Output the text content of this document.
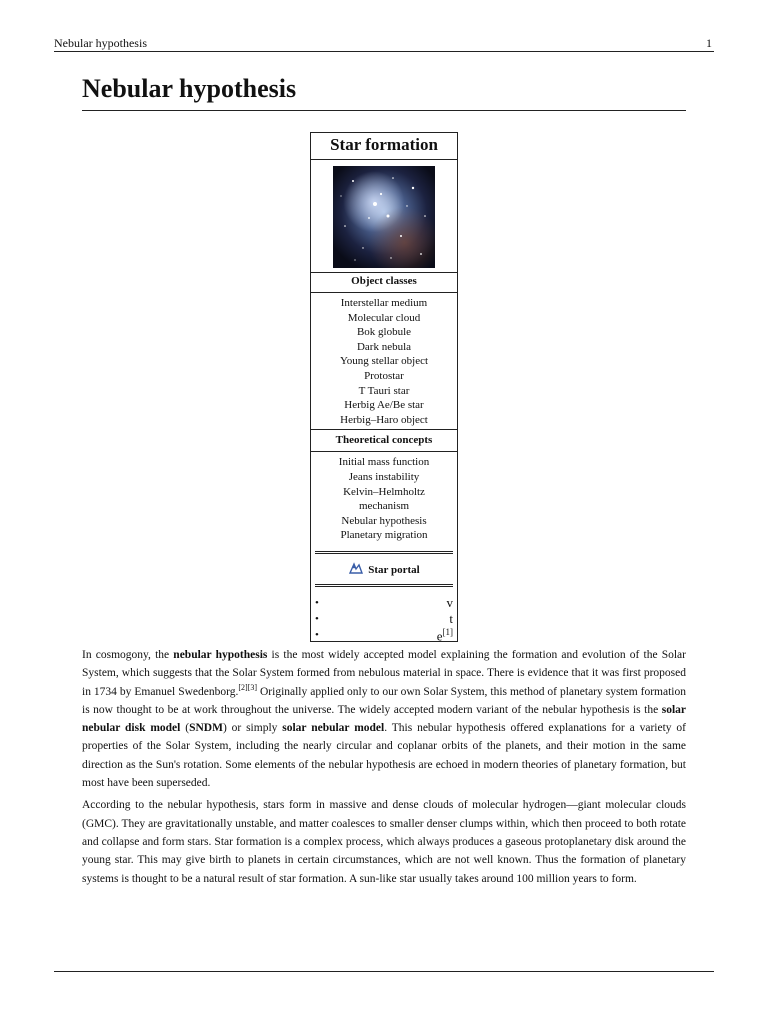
Nebular hypothesis	1
Nebular hypothesis
Star formation
Object classes
Interstellar medium
Molecular cloud
Bok globule
Dark nebula
Young stellar object
Protostar
T Tauri star
Herbig Ae/Be star
Herbig–Haro object
Theoretical concepts
Initial mass function
Jeans instability
Kelvin–Helmholtz
mechanism
Nebular hypothesis
Planetary migration
Star portal
•	v
•	t
•	e[1]

In cosmogony, the nebular hypothesis is the most widely accepted model explaining the formation and evolution of the Solar System, which suggests that the Solar System formed from nebulous material in space. There is evidence that it was first proposed in 1734 by Emanuel Swedenborg.[2][3] Originally applied only to our own Solar System, this method of planetary system formation is now thought to be at work throughout the universe. The widely accepted modern variant of the nebular hypothesis is the solar nebular disk model (SNDM) or simply solar nebular model. This nebular hypothesis offered explanations for a variety of properties of the Solar System, including the nearly circular and coplanar orbits of the planets, and their motion in the same direction as the Sun's rotation. Some elements of the nebular hypothesis are echoed in modern theories of planetary formation, but most have been superseded.

According to the nebular hypothesis, stars form in massive and dense clouds of molecular hydrogen—giant molecular clouds (GMC). They are gravitationally unstable, and matter coalesces to smaller denser clumps within, which then proceed to both rotate and collapse and form stars. Star formation is a complex process, which always produces a gaseous protoplanetary disk around the young star. This may give birth to planets in certain circumstances, which are not well known. Thus the formation of planetary systems is thought to be a natural result of star formation. A sun-like star usually takes around 100 million years to form.
